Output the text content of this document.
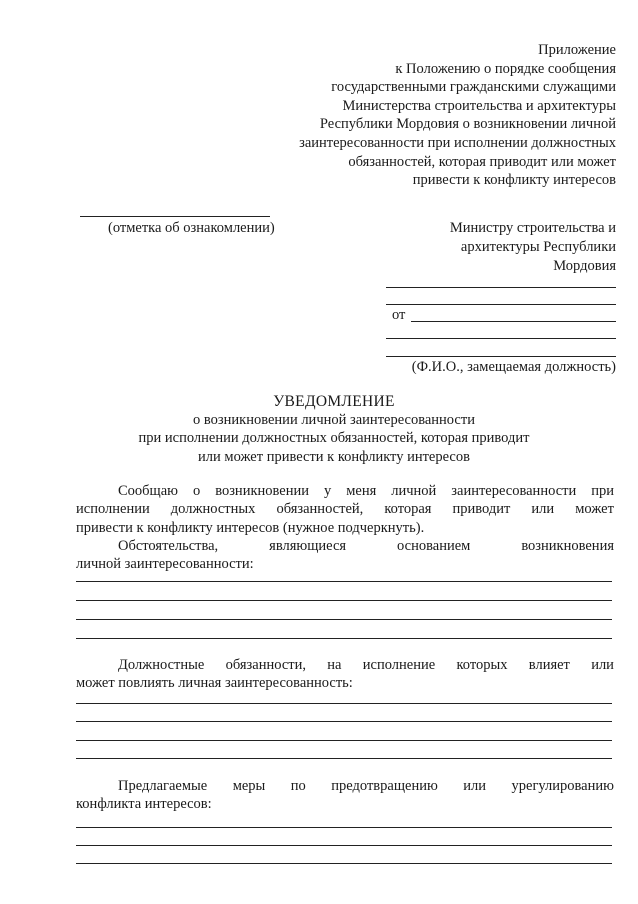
Приложение
к Положению о порядке сообщения
государственными гражданскими служащими
Министерства строительства и архитектуры
Республики Мордовия о возникновении личной
заинтересованности при исполнении должностных
обязанностей, которая приводит или может
привести к конфликту интересов
(отметка об ознакомлении)	Министру строительства и
архитектуры Республики
Мордовия
от
(Ф.И.О., замещаемая должность)
УВЕДОМЛЕНИЕ
о возникновении личной заинтересованности
при исполнении должностных обязанностей, которая приводит
или может привести к конфликту интересов
Сообщаю о возникновении у меня личной заинтересованности при
исполнении должностных обязанностей, которая приводит или может
привести к конфликту интересов (нужное подчеркнуть).
Обстоятельства,	являющиеся	основанием	возникновения
личной заинтересованности:
Должностные обязанности, на исполнение которых влияет или
может повлиять личная заинтересованность:
Предлагаемые меры по предотвращению или урегулированию
конфликта интересов:
